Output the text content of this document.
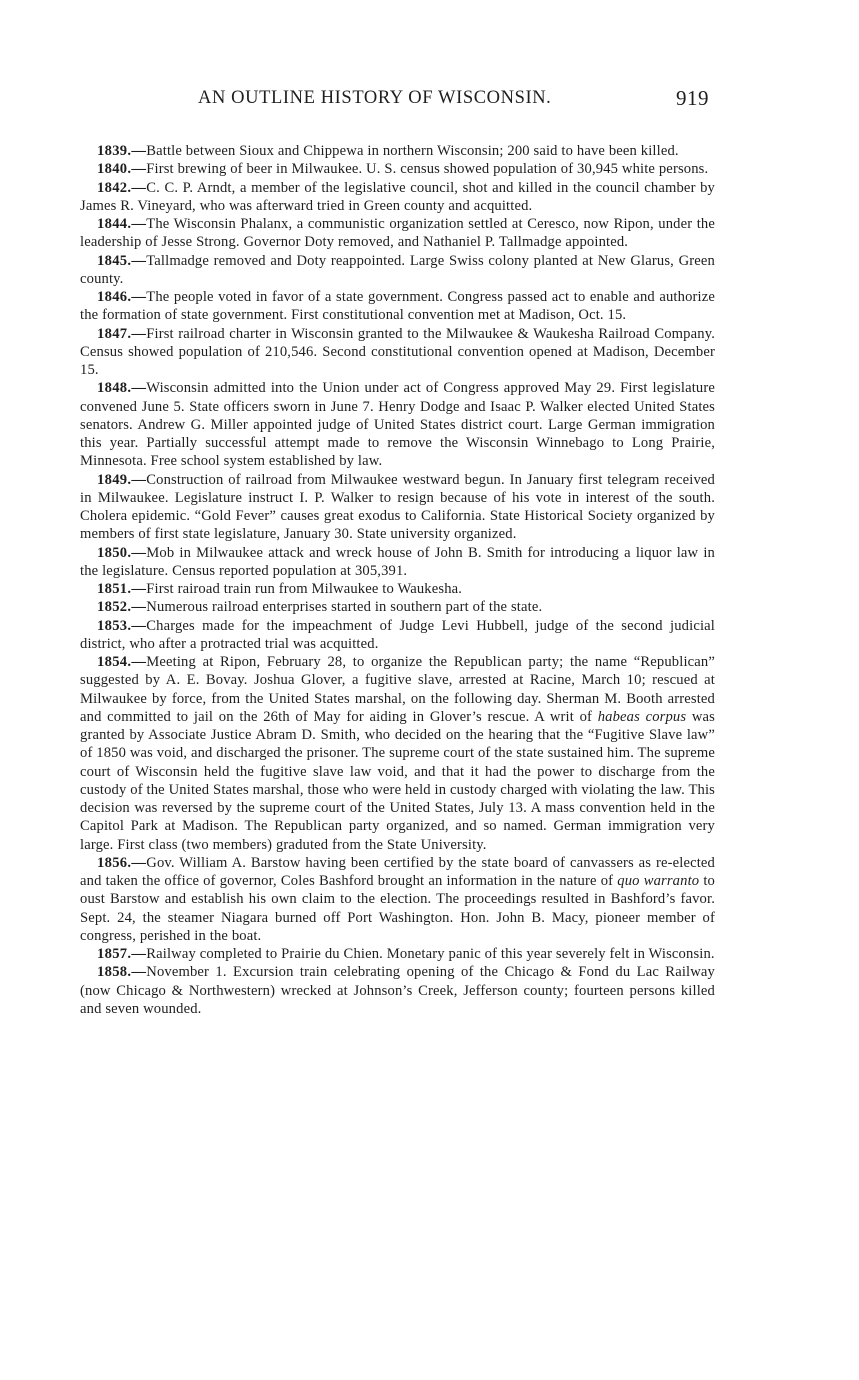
AN OUTLINE HISTORY OF WISCONSIN.	919

1839.—Battle between Sioux and Chippewa in northern Wisconsin; 200 said to have been killed.

1840.—First brewing of beer in Milwaukee. U. S. census showed population of 30,945 white persons.

1842.—C. C. P. Arndt, a member of the legislative council, shot and killed in the council chamber by James R. Vineyard, who was afterward tried in Green county and acquitted.

1844.—The Wisconsin Phalanx, a communistic organization settled at Ceresco, now Ripon, under the leadership of Jesse Strong. Governor Doty removed, and Nathaniel P. Tallmadge appointed.

1845.—Tallmadge removed and Doty reappointed. Large Swiss colony planted at New Glarus, Green county.

1846.—The people voted in favor of a state government. Congress passed act to enable and authorize the formation of state government. First constitutional convention met at Madison, Oct. 15.

1847.—First railroad charter in Wisconsin granted to the Milwaukee & Waukesha Railroad Company. Census showed population of 210,546. Second constitutional convention opened at Madison, December 15.

1848.—Wisconsin admitted into the Union under act of Congress approved May 29. First legislature convened June 5. State officers sworn in June 7. Henry Dodge and Isaac P. Walker elected United States senators. Andrew G. Miller appointed judge of United States district court. Large German immigration this year. Partially successful attempt made to remove the Wisconsin Winnebago to Long Prairie, Minnesota. Free school system established by law.

1849.—Construction of railroad from Milwaukee westward begun. In January first telegram received in Milwaukee. Legislature instruct I. P. Walker to resign because of his vote in interest of the south. Cholera epidemic. “Gold Fever” causes great exodus to California. State Historical Society organized by members of first state legislature, January 30. State university organized.

1850.—Mob in Milwaukee attack and wreck house of John B. Smith for introducing a liquor law in the legislature. Census reported population at 305,391.

1851.—First rairoad train run from Milwaukee to Waukesha.

1852.—Numerous railroad enterprises started in southern part of the state.

1853.—Charges made for the impeachment of Judge Levi Hubbell, judge of the second judicial district, who after a protracted trial was acquitted.

1854.—Meeting at Ripon, February 28, to organize the Republican party; the name “Republican” suggested by A. E. Bovay. Joshua Glover, a fugitive slave, arrested at Racine, March 10; rescued at Milwaukee by force, from the United States marshal, on the following day. Sherman M. Booth arrested and committed to jail on the 26th of May for aiding in Glover’s rescue. A writ of habeas corpus was granted by Associate Justice Abram D. Smith, who decided on the hearing that the “Fugitive Slave law” of 1850 was void, and discharged the prisoner. The supreme court of the state sustained him. The supreme court of Wisconsin held the fugitive slave law void, and that it had the power to discharge from the custody of the United States marshal, those who were held in custody charged with violating the law. This decision was reversed by the supreme court of the United States, July 13. A mass convention held in the Capitol Park at Madison. The Republican party organized, and so named. German immigration very large. First class (two members) graduted from the State University.

1856.—Gov. William A. Barstow having been certified by the state board of canvassers as re-elected and taken the office of governor, Coles Bashford brought an information in the nature of quo warranto to oust Barstow and establish his own claim to the election. The proceedings resulted in Bashford’s favor. Sept. 24, the steamer Niagara burned off Port Washington. Hon. John B. Macy, pioneer member of congress, perished in the boat.

1857.—Railway completed to Prairie du Chien. Monetary panic of this year severely felt in Wisconsin.

1858.—November 1. Excursion train celebrating opening of the Chicago & Fond du Lac Railway (now Chicago & Northwestern) wrecked at Johnson’s Creek, Jefferson county; fourteen persons killed and seven wounded.
